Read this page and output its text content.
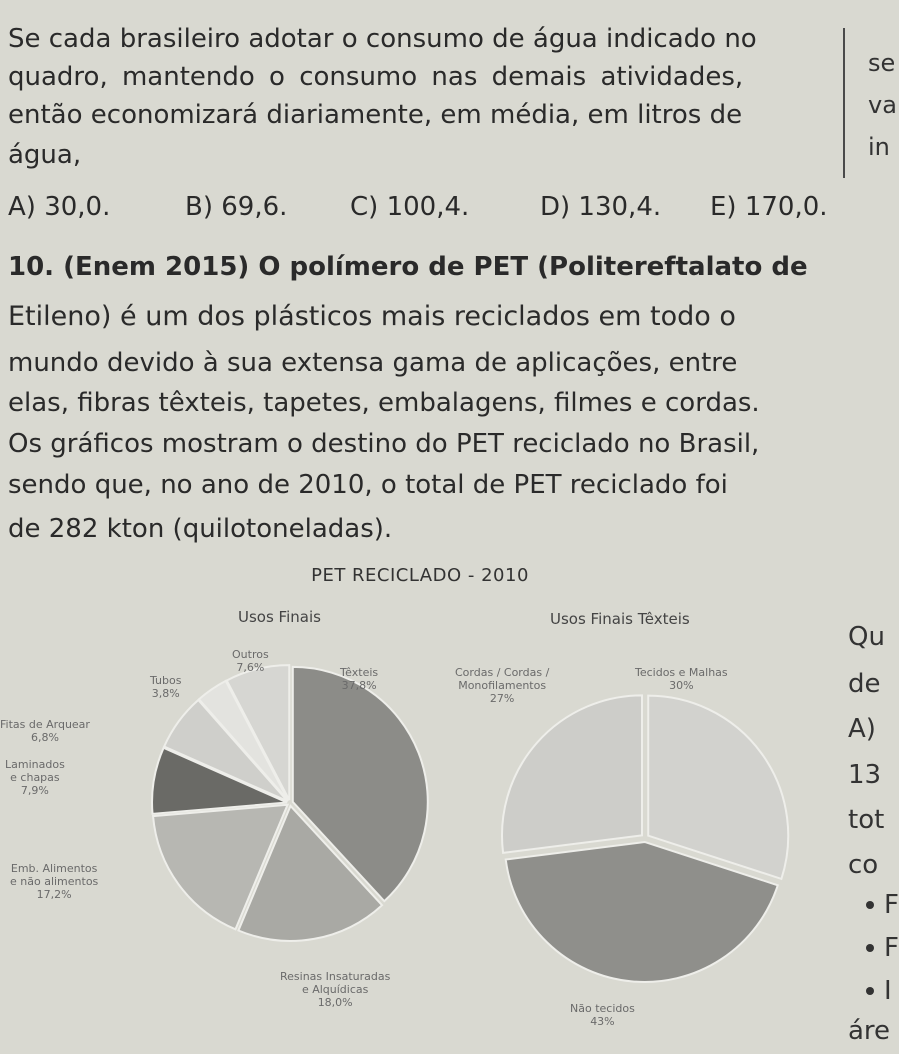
Se cada brasileiro adotar o consumo de água indicado no
quadro, mantendo o consumo nas demais atividades,
então economizará diariamente, em média, em litros de
água,
A) 30,0.	B) 69,6. C) 100,4.	D) 130,4. E) 170,0.
se
va
in
10. (Enem 2015) O polímero de PET (Politereftalato de
Etileno) é um dos plásticos mais reciclados em todo o
mundo devido à sua extensa gama de aplicações, entre
elas, fibras têxteis, tapetes, embalagens, filmes e cordas.
Os gráficos mostram o destino do PET reciclado no Brasil,
sendo que, no ano de 2010, o total de PET reciclado foi
de 282 kton (quilotoneladas).
PET RECICLADO - 2010
Usos Finais	Usos Finais Têxteis
Têxteis
37,8%
Resinas Insaturadas
e Alquídicas
18,0%
Emb. Alimentos
e não alimentos
17,2%
Laminados
e chapas
7,9%
Fitas de Arquear
6,8%
Tubos
3,8%
Outros
7,6%	Tecidos e Malhas
30%
Não tecidos
43%
Cordas / Cordas /
Monofilamentos
27%
Qu
de
A)
13
tot
co
F
F
I
áre
